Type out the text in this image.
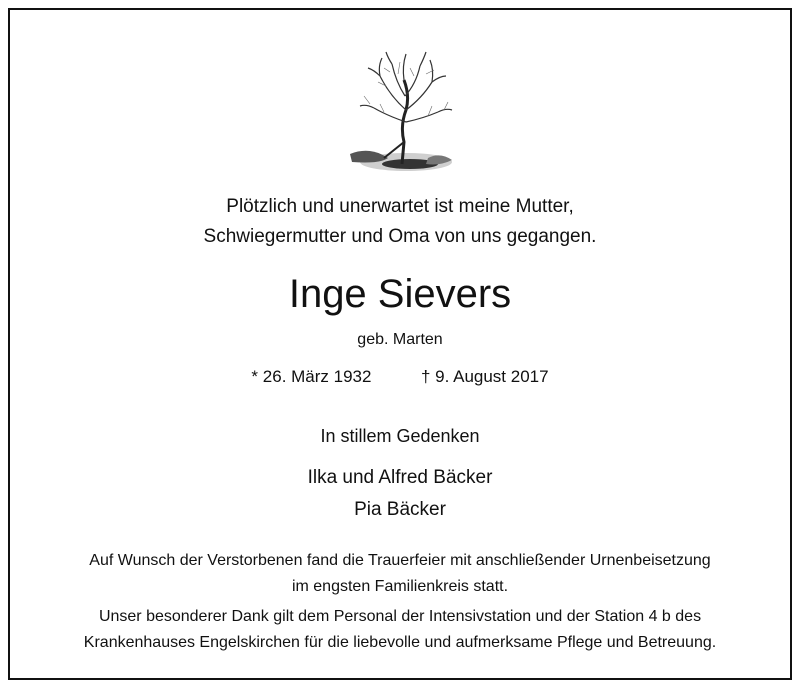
Plötzlich und unerwartet ist meine Mutter,
Schwiegermutter und Oma von uns gegangen.
Inge Sievers
geb. Marten
* 26. März 1932	† 9. August 2017
In stillem Gedenken
Ilka und Alfred Bäcker
Pia Bäcker
Auf Wunsch der Verstorbenen fand die Trauerfeier mit anschließender Urnenbeisetzung
im engsten Familienkreis statt.
Unser besonderer Dank gilt dem Personal der Intensivstation und der Station 4 b des
Krankenhauses Engelskirchen für die liebevolle und aufmerksame Pflege und Betreuung.
